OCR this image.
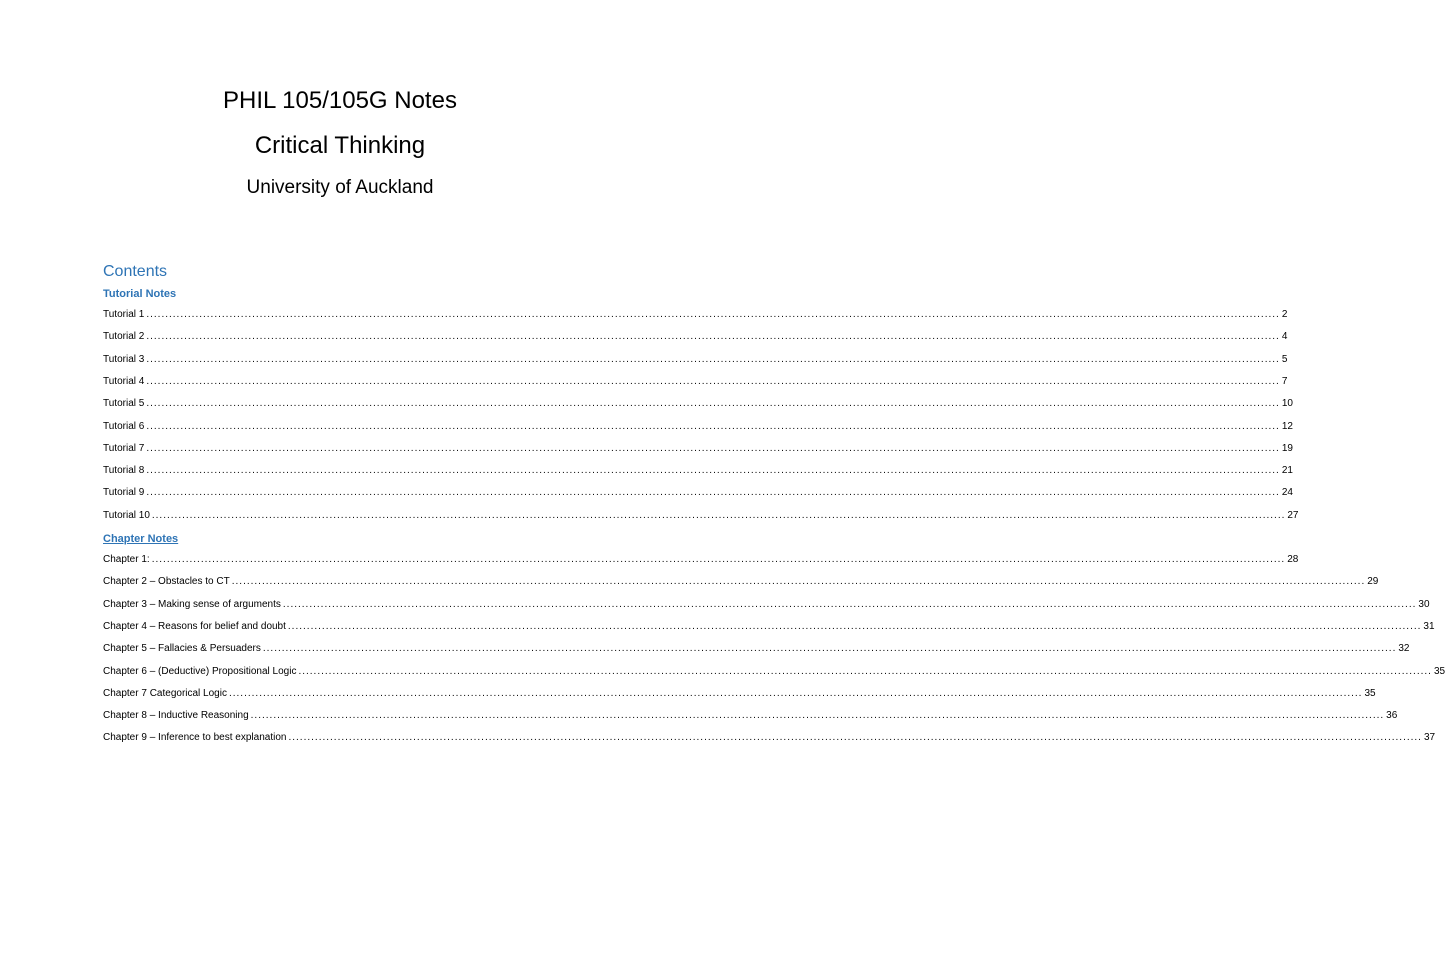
PHIL 105/105G Notes
Critical Thinking
University of Auckland
Contents
Tutorial Notes
Tutorial 1 ............................................................................................................................................................................................................................................................................................................ 2
Tutorial 2 ............................................................................................................................................................................................................................................................................................................ 4
Tutorial 3 ............................................................................................................................................................................................................................................................................................................ 5
Tutorial 4 ............................................................................................................................................................................................................................................................................................................ 7
Tutorial 5 ............................................................................................................................................................................................................................................................................................................ 10
Tutorial 6 ............................................................................................................................................................................................................................................................................................................ 12
Tutorial 7 ............................................................................................................................................................................................................................................................................................................ 19
Tutorial 8 ............................................................................................................................................................................................................................................................................................................ 21
Tutorial 9 ............................................................................................................................................................................................................................................................................................................ 24
Tutorial 10 ............................................................................................................................................................................................................................................................................................................ 27
Chapter Notes
Chapter 1: ............................................................................................................................................................................................................................................................................................................ 28
Chapter 2 – Obstacles to CT ............................................................................................................................................................................................................................................................................................................ 29
Chapter 3 – Making sense of arguments ............................................................................................................................................................................................................................................................................................................ 30
Chapter 4 – Reasons for belief and doubt ............................................................................................................................................................................................................................................................................................................ 31
Chapter 5 – Fallacies & Persuaders ............................................................................................................................................................................................................................................................................................................ 32
Chapter 6 – (Deductive) Propositional Logic ............................................................................................................................................................................................................................................................................................................ 35
Chapter 7 Categorical Logic ............................................................................................................................................................................................................................................................................................................ 35
Chapter 8 – Inductive Reasoning ............................................................................................................................................................................................................................................................................................................ 36
Chapter 9 – Inference to best explanation ............................................................................................................................................................................................................................................................................................................ 37
